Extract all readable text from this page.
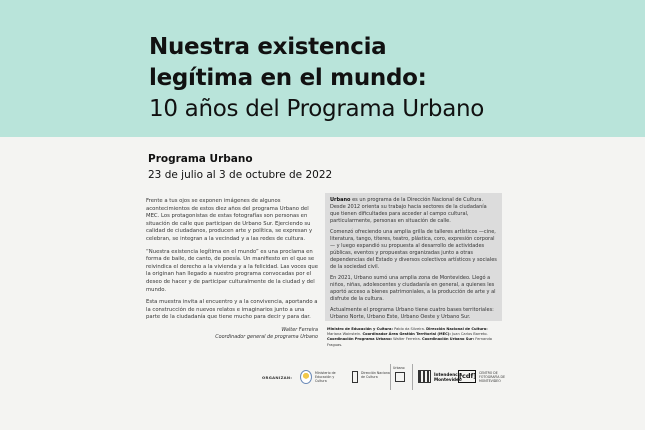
Nuestra existencia
legítima en el mundo:
10 años del Programa Urbano
Programa Urbano
23 de julio al 3 de octubre de 2022

Frente a tus ojos se exponen imágenes de algunos acontecimientos de estos diez años del programa Urbano del MEC. Los protagonistas de estas fotografías son personas en situación de calle que participan de Urbano Sur. Ejerciendo su calidad de ciudadanos, producen arte y política, se expresan y celebran, se integran a la vecindad y a las redes de cultura.

“Nuestra existencia legítima en el mundo” es una proclama en forma de baile, de canto, de poesía. Un manifiesto en el que se reivindica el derecho a la vivienda y a la felicidad. Las voces que la originan han llegado a nuestro programa convocadas por el deseo de hacer y de participar culturalmente de la ciudad y del mundo.

Esta muestra invita al encuentro y a la convivencia, aportando a la construcción de nuevos relatos e imaginarios junto a una parte de la ciudadanía que tiene mucho para decir y para dar.

Walter Ferreira
Coordinador general de programa Urbano

Urbano es un programa de la Dirección Nacional de Cultura. Desde 2012 orienta su trabajo hacia sectores de la ciudadanía que tienen dificultades para acceder al campo cultural, particularmente, personas en situación de calle.

Comenzó ofreciendo una amplia grilla de talleres artísticos —cine, literatura, tango, títeres, teatro, plástica, coro, expresión corporal— y luego expandió su propuesta al desarrollo de actividades públicas, eventos y propuestas organizadas junto a otras dependencias del Estado y diversos colectivos artísticos y sociales de la sociedad civil.

En 2021, Urbano sumó una amplia zona de Montevideo. Llegó a niños, niñas, adolescentes y ciudadanía en general, a quienes les aportó acceso a bienes patrimoniales, a la producción de arte y al disfrute de la cultura.

Actualmente el programa Urbano tiene cuatro bases territoriales: Urbano Norte, Urbano Este, Urbano Oeste y Urbano Sur.

Ministro de Educación y Cultura: Pablo da Silveira. Dirección Nacional de Cultura: Mariana Wainstein. Coordinador Área Gestión Territorial (MEC): Juan Carlos Barreto. Coordinación Programa Urbano: Walter Ferreira. Coordinación Urbano Sur: Fernando Fraguas.
ORGANIZAN:
Ministerio de Educación y Cultura
Dirección Nacional de Cultura
Urbano
Intendencia Montevideo
[cdf] CENTRO DE FOTOGRAFÍA DE MONTEVIDEO
